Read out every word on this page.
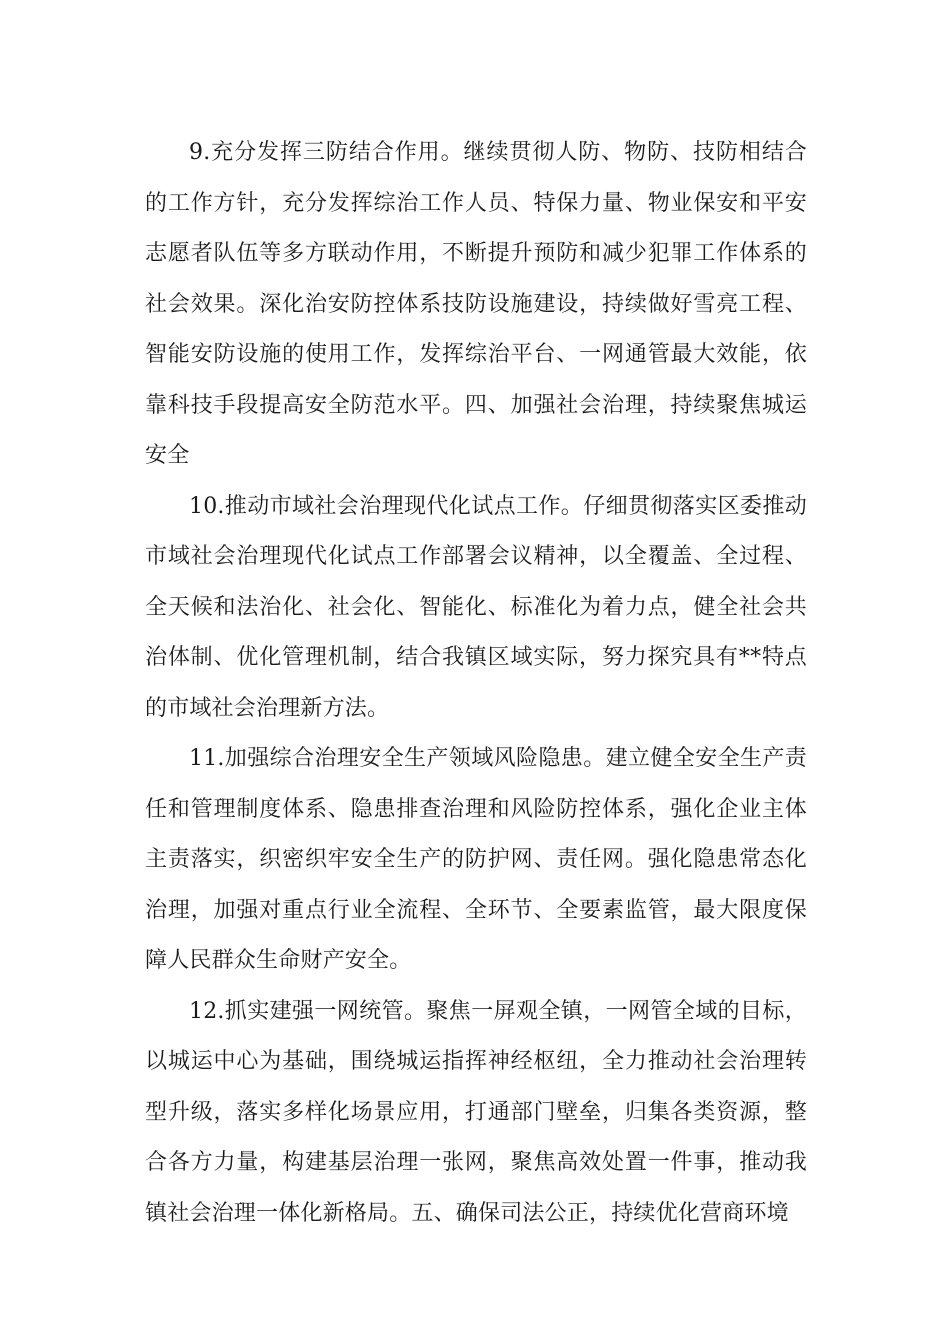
9.充分发挥三防结合作用。继续贯彻人防、物防、技防相结合的工作方针，充分发挥综治工作人员、特保力量、物业保安和平安志愿者队伍等多方联动作用，不断提升预防和减少犯罪工作体系的社会效果。深化治安防控体系技防设施建设，持续做好雪亮工程、智能安防设施的使用工作，发挥综治平台、一网通管最大效能，依靠科技手段提高安全防范水平。四、加强社会治理，持续聚焦城运安全

10.推动市域社会治理现代化试点工作。仔细贯彻落实区委推动市域社会治理现代化试点工作部署会议精神，以全覆盖、全过程、全天候和法治化、社会化、智能化、标准化为着力点，健全社会共治体制、优化管理机制，结合我镇区域实际，努力探究具有**特点的市域社会治理新方法。

11.加强综合治理安全生产领域风险隐患。建立健全安全生产责任和管理制度体系、隐患排查治理和风险防控体系，强化企业主体主责落实，织密织牢安全生产的防护网、责任网。强化隐患常态化治理，加强对重点行业全流程、全环节、全要素监管，最大限度保障人民群众生命财产安全。

12.抓实建强一网统管。聚焦一屏观全镇，一网管全域的目标，以城运中心为基础，围绕城运指挥神经枢纽，全力推动社会治理转型升级，落实多样化场景应用，打通部门壁垒，归集各类资源，整合各方力量，构建基层治理一张网，聚焦高效处置一件事，推动我镇社会治理一体化新格局。五、确保司法公正，持续优化营商环境
